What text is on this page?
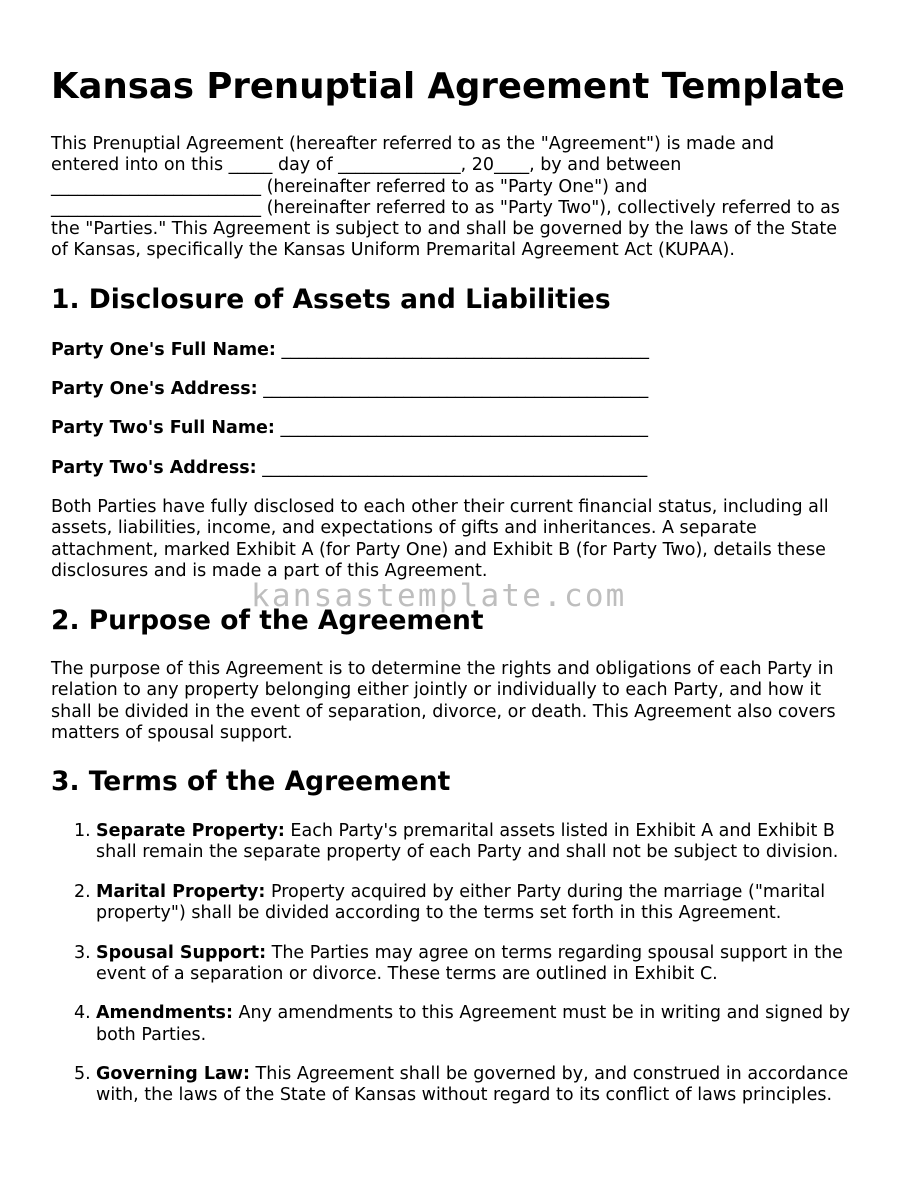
Kansas Prenuptial Agreement Template

This Prenuptial Agreement (hereafter referred to as the "Agreement") is made and
entered into on this _____ day of ______________, 20____, by and between
________________________ (hereinafter referred to as "Party One") and
________________________ (hereinafter referred to as "Party Two"), collectively referred to as
the "Parties." This Agreement is subject to and shall be governed by the laws of the State
of Kansas, specifically the Kansas Uniform Premarital Agreement Act (KUPAA).

1. Disclosure of Assets and Liabilities
Party One's Full Name: __________________________________________
Party One's Address: ____________________________________________
Party Two's Full Name: __________________________________________
Party Two's Address: ____________________________________________

Both Parties have fully disclosed to each other their current financial status, including all
assets, liabilities, income, and expectations of gifts and inheritances. A separate
attachment, marked Exhibit A (for Party One) and Exhibit B (for Party Two), details these
disclosures and is made a part of this Agreement.

2. Purpose of the Agreement

The purpose of this Agreement is to determine the rights and obligations of each Party in
relation to any property belonging either jointly or individually to each Party, and how it
shall be divided in the event of separation, divorce, or death. This Agreement also covers
matters of spousal support.

3. Terms of the Agreement
1. Separate Property: Each Party's premarital assets listed in Exhibit A and Exhibit B
shall remain the separate property of each Party and shall not be subject to division.
2. Marital Property: Property acquired by either Party during the marriage ("marital
property") shall be divided according to the terms set forth in this Agreement.
3. Spousal Support: The Parties may agree on terms regarding spousal support in the
event of a separation or divorce. These terms are outlined in Exhibit C.
4. Amendments: Any amendments to this Agreement must be in writing and signed by
both Parties.
5. Governing Law: This Agreement shall be governed by, and construed in accordance
with, the laws of the State of Kansas without regard to its conflict of laws principles.
kansastemplate.com
